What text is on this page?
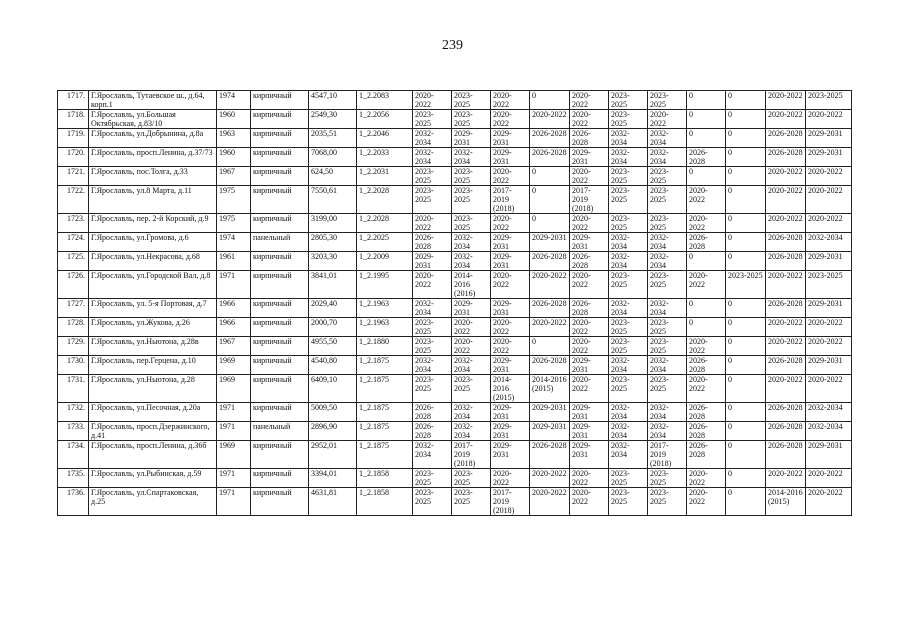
239
1717.	Г.Ярославль, Тутаевское ш., д.64, корп.1	1974	кирпичный	4547,10	1_2.2083	2020-2022	2023-2025	2020-2022	0	2020-2022	2023-2025	2023-2025	0	0	2020-2022	2023-2025
1718.	Г.Ярославль, ул.Большая Октябрьская, д.83/10	1960	кирпичный	2549,30	1_2.2056	2023-2025	2023-2025	2020-2022	2020-2022	2020-2022	2023-2025	2020-2022	0	0	2020-2022	2020-2022
1719.	Г.Ярославль, ул.Добрынина, д.8а	1963	кирпичный	2035,51	1_2.2046	2032-2034	2029-2031	2029-2031	2026-2028	2026-2028	2032-2034	2032-2034	0	0	2026-2028	2029-2031
1720.	Г.Ярославль, просп.Ленина, д.37/73	1960	кирпичный	7068,00	1_2.2033	2032-2034	2032-2034	2029-2031	2026-2028	2029-2031	2032-2034	2032-2034	2026-2028	0	2026-2028	2029-2031
1721.	Г.Ярославль, пос.Толга, д.33	1967	кирпичный	624,50	1_2.2031	2023-2025	2023-2025	2020-2022	0	2020-2022	2023-2025	2023-2025	0	0	2020-2022	2020-2022
1722.	Г.Ярославль, ул.8 Марта, д.11	1975	кирпичный	7550,61	1_2.2028	2023-2025	2023-2025	2017-2019 (2018)	0	2017-2019 (2018)	2023-2025	2023-2025	2020-2022	0	2020-2022	2020-2022
1723.	Г.Ярославль, пер. 2-й Корский, д.9	1975	кирпичный	3199,00	1_2.2028	2020-2022	2023-2025	2020-2022	0	2020-2022	2023-2025	2023-2025	2020-2022	0	2020-2022	2020-2022
1724.	Г.Ярославль, ул.Громова, д.6	1974	панельный	2805,30	1_2.2025	2026-2028	2032-2034	2029-2031	2029-2031	2029-2031	2032-2034	2032-2034	2026-2028	0	2026-2028	2032-2034
1725.	Г.Ярославль, ул.Некрасова, д.68	1961	кирпичный	3203,30	1_2.2009	2029-2031	2032-2034	2029-2031	2026-2028	2026-2028	2032-2034	2032-2034	0	0	2026-2028	2029-2031
1726.	Г.Ярославль, ул.Городской Вал, д.8	1971	кирпичный	3841,01	1_2.1995	2020-2022	2014-2016 (2016)	2020-2022	2020-2022	2020-2022	2023-2025	2023-2025	2020-2022	2023-2025	2020-2022	2023-2025
1727.	Г.Ярославль, ул. 5-я Портовая, д.7	1966	кирпичный	2029,40	1_2.1963	2032-2034	2029-2031	2029-2031	2026-2028	2026-2028	2032-2034	2032-2034	0	0	2026-2028	2029-2031
1728.	Г.Ярославль, ул.Жукова, д.26	1966	кирпичный	2000,70	1_2.1963	2023-2025	2020-2022	2020-2022	2020-2022	2020-2022	2023-2025	2023-2025	0	0	2020-2022	2020-2022
1729.	Г.Ярославль, ул.Ньютона, д.28в	1967	кирпичный	4955,50	1_2.1880	2023-2025	2020-2022	2020-2022	0	2020-2022	2023-2025	2023-2025	2020-2022	0	2020-2022	2020-2022
1730.	Г.Ярославль, пер.Герцена, д.10	1969	кирпичный	4540,80	1_2.1875	2032-2034	2032-2034	2029-2031	2026-2028	2029-2031	2032-2034	2032-2034	2026-2028	0	2026-2028	2029-2031
1731.	Г.Ярославль, ул.Ньютона, д.28	1969	кирпичный	6409,10	1_2.1875	2023-2025	2023-2025	2014-2016 (2015)	2014-2016 (2015)	2020-2022	2023-2025	2023-2025	2020-2022	0	2020-2022	2020-2022
1732.	Г.Ярославль, ул.Песочная, д.20а	1971	кирпичный	5009,50	1_2.1875	2026-2028	2032-2034	2029-2031	2029-2031	2029-2031	2032-2034	2032-2034	2026-2028	0	2026-2028	2032-2034
1733.	Г.Ярославль, просп.Дзержинского, д.41	1971	панельный	2896,90	1_2.1875	2026-2028	2032-2034	2029-2031	2029-2031	2029-2031	2032-2034	2032-2034	2026-2028	0	2026-2028	2032-2034
1734.	Г.Ярославль, просп.Ленина, д.36б	1969	кирпичный	2952,01	1_2.1875	2032-2034	2017-2019 (2018)	2029-2031	2026-2028	2029-2031	2032-2034	2017-2019 (2018)	2026-2028	0	2026-2028	2029-2031
1735.	Г.Ярославль, ул.Рыбинская, д.59	1971	кирпичный	3394,01	1_2.1858	2023-2025	2023-2025	2020-2022	2020-2022	2020-2022	2023-2025	2023-2025	2020-2022	0	2020-2022	2020-2022
1736.	Г.Ярославль, ул.Спартаковская, д.25	1971	кирпичный	4631,81	1_2.1858	2023-2025	2023-2025	2017-2019 (2018)	2020-2022	2020-2022	2023-2025	2023-2025	2020-2022	0	2014-2016 (2015)	2020-2022
